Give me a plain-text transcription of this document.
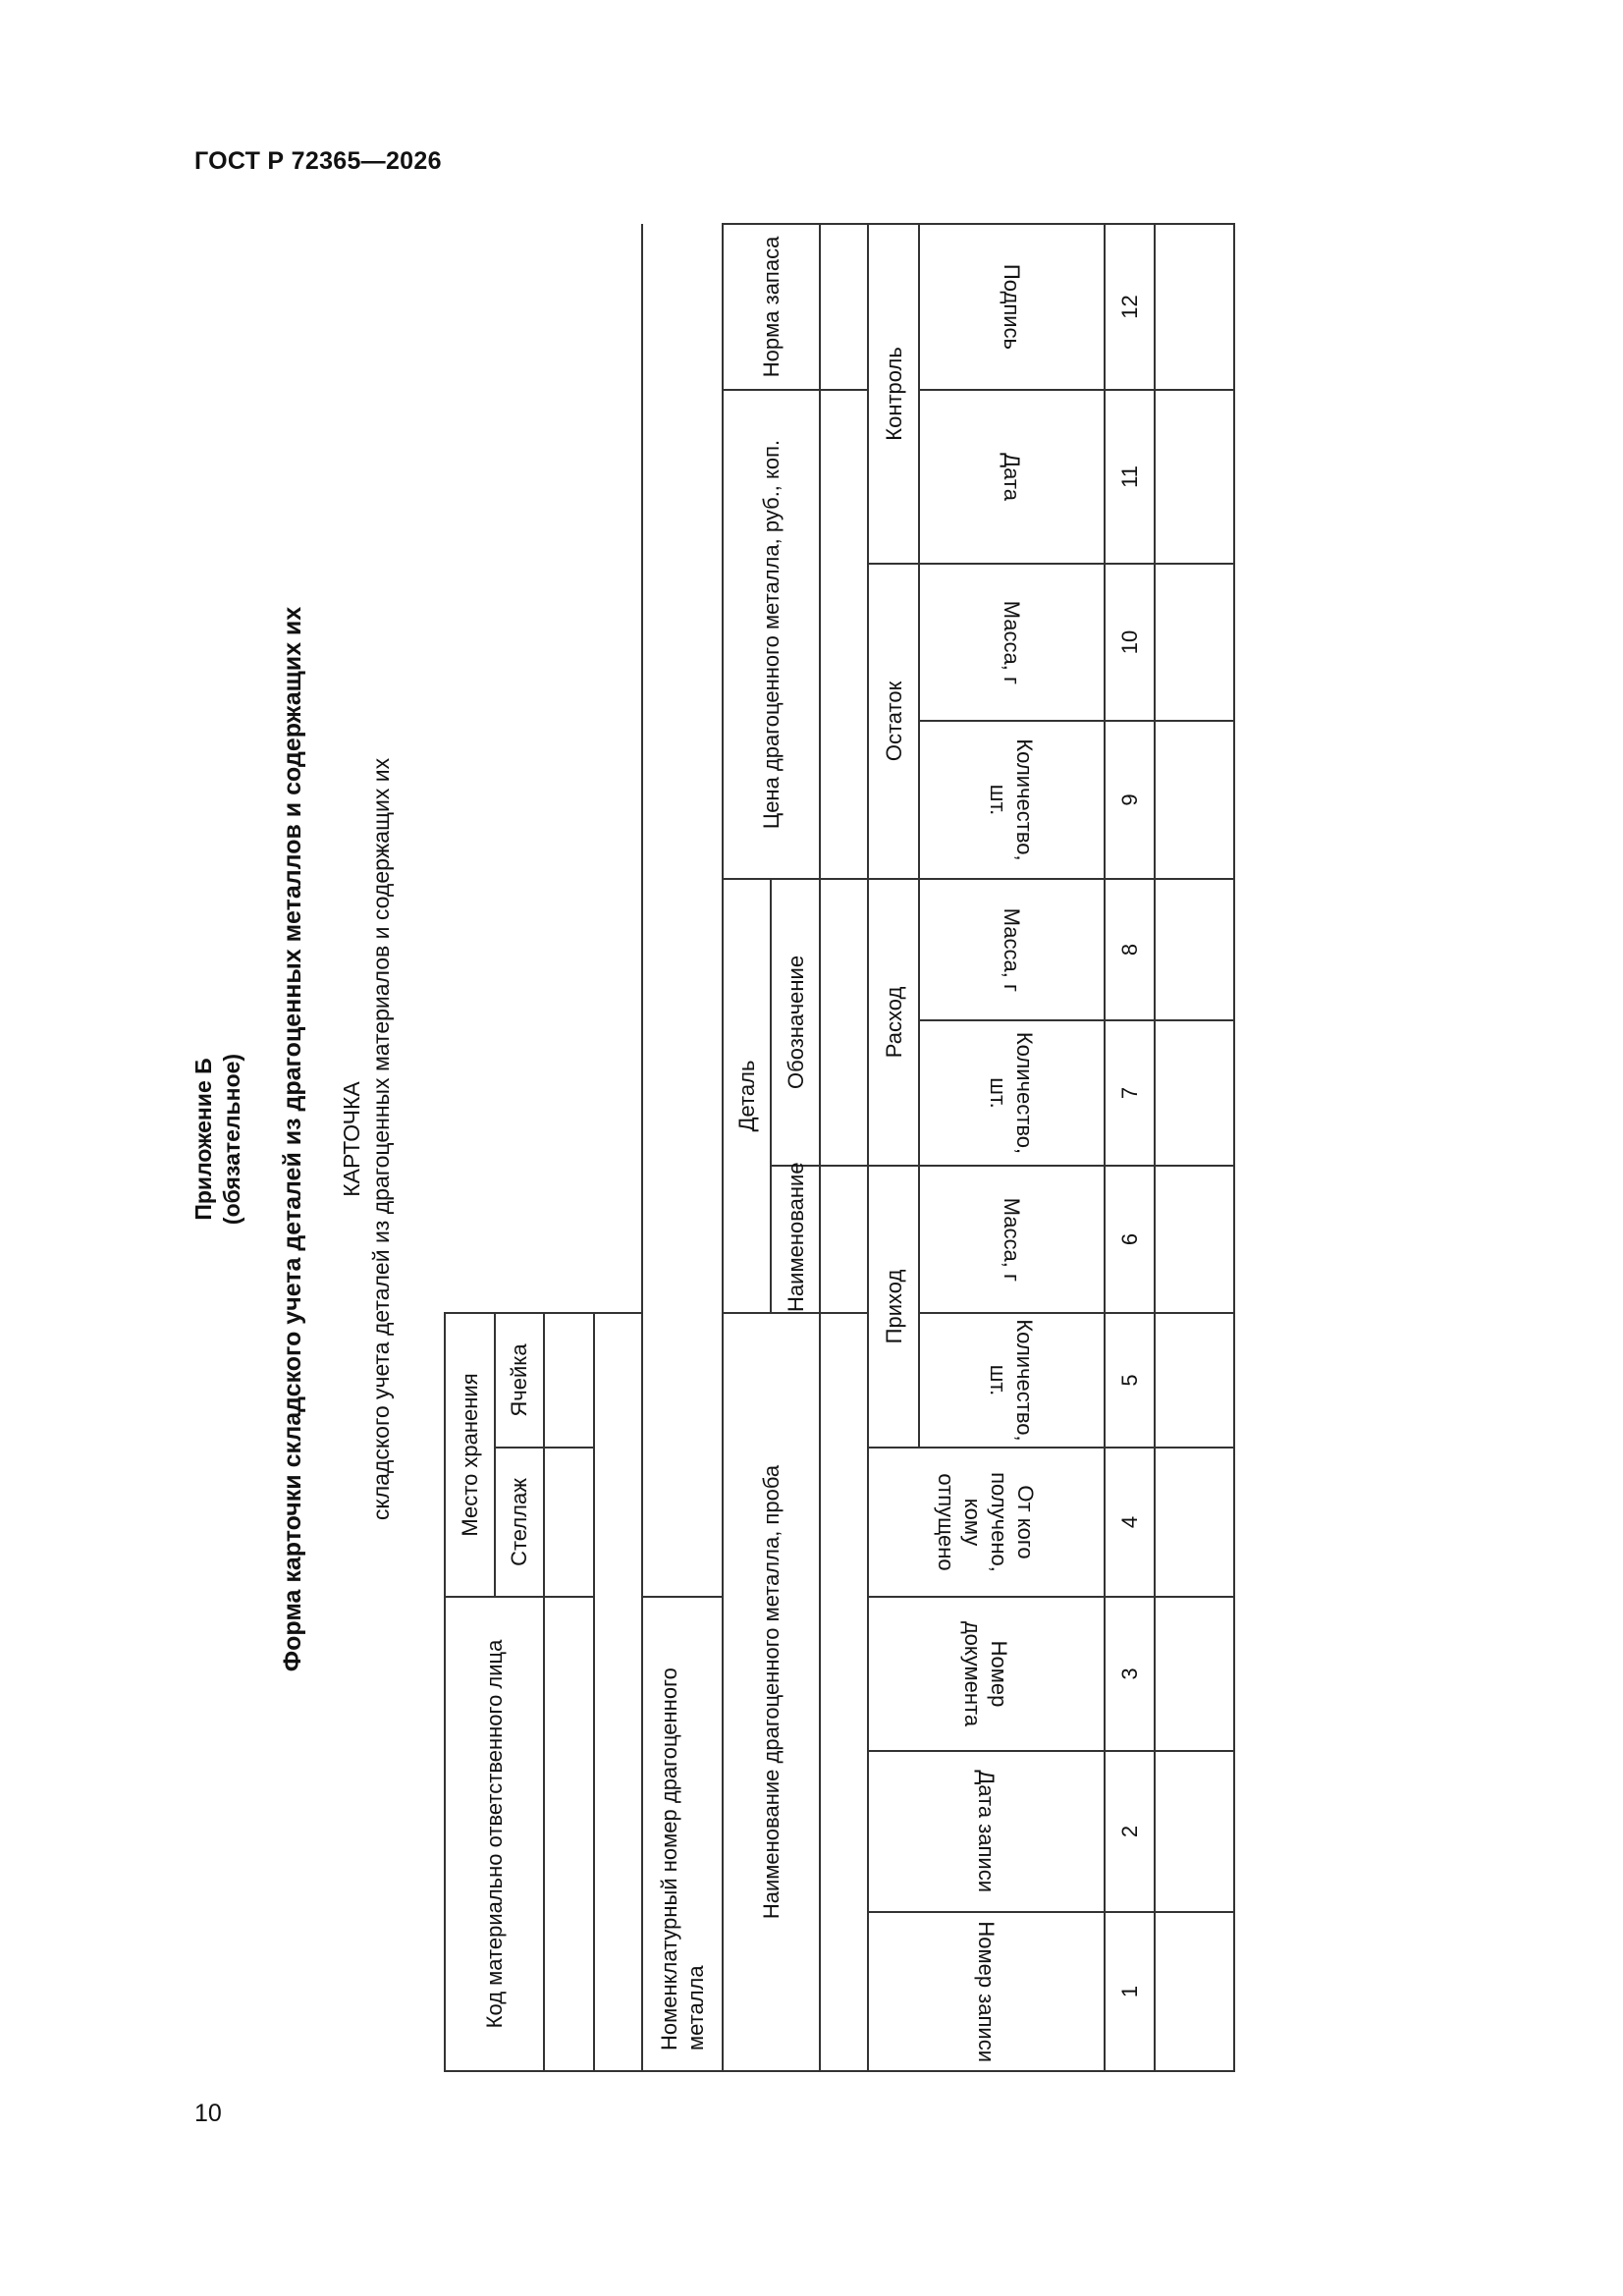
ГОСТ Р 72365—2026
10
Приложение Б (обязательное) Форма карточки складского учета деталей из драгоценных металлов и содержащих их КАРТОЧКА складского учета деталей из драгоценных материалов и содержащих их
Код материально ответственного лица			Место хранения								
			Стеллаж	Ячейка							

Номенклатурный номер драгоценного металла											
Наименование драгоценного металла, проба					Деталь			Цена драгоценного металла, руб., коп.			Норма запаса
					Наименование	Обозначение					

Номер записи	Дата записи	Номер документа	От кого получено, кому отпущено	Приход		Расход		Остаток		Контроль	
				Количество, шт.	Масса, г	Количество, шт.	Масса, г	Количество, шт.	Масса, г	Дата	Подпись
1	2	3	4	5	6	7	8	9	10	11	12
